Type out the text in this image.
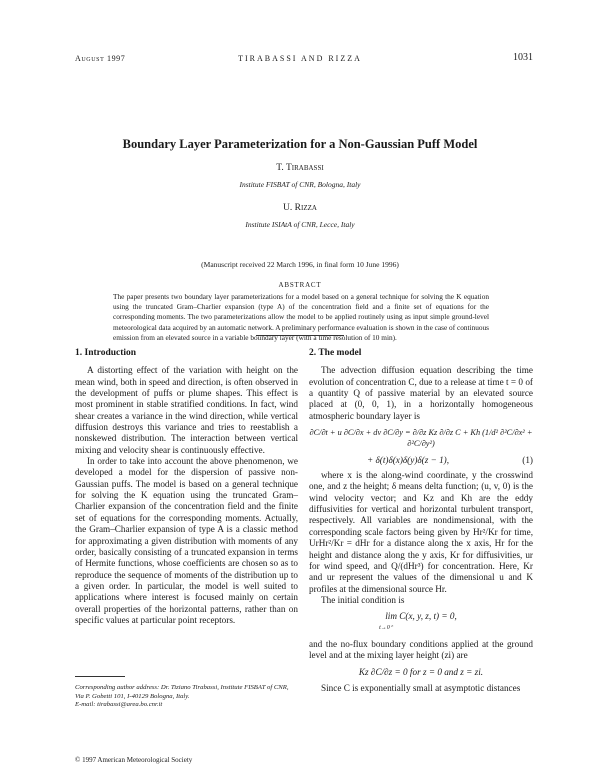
August 1997	TIRABASSI AND RIZZA	1031
Boundary Layer Parameterization for a Non-Gaussian Puff Model
T. Tirabassi
Institute FISBAT of CNR, Bologna, Italy
U. Rizza
Institute ISIAtA of CNR, Lecce, Italy
(Manuscript received 22 March 1996, in final form 10 June 1996)
ABSTRACT
The paper presents two boundary layer parameterizations for a model based on a general technique for solving the K equation using the truncated Gram–Charlier expansion (type A) of the concentration field and a finite set of equations for the corresponding moments. The two parameterizations allow the model to be applied routinely using as input simple ground-level meteorological data acquired by an automatic network. A preliminary performance evaluation is shown in the case of continuous emission from an elevated source in a variable boundary layer (with a time resolution of 10 min).
1. Introduction

A distorting effect of the variation with height on the mean wind, both in speed and direction, is often observed in the development of puffs or plume shapes. This effect is most prominent in stable stratified conditions. In fact, wind shear creates a variance in the wind direction, while vertical diffusion destroys this variance and tries to reestablish a nonskewed distribution. The interaction between vertical mixing and velocity shear is continuously effective.

In order to take into account the above phenomenon, we developed a model for the dispersion of passive non-Gaussian puffs. The model is based on a general technique for solving the K equation using the truncated Gram–Charlier expansion of the concentration field and the finite set of equations for the corresponding moments. Actually, the Gram–Charlier expansion of type A is a classic method for approximating a given distribution with moments of any order, basically consisting of a truncated expansion in terms of Hermite functions, whose coefficients are chosen so as to reproduce the sequence of moments of the distribution up to a given order. In particular, the model is well suited to applications where interest is focused mainly on certain overall properties of the horizontal patterns, rather than on specific values at particular point receptors.

2. The model

The advection diffusion equation describing the time evolution of concentration C, due to a release at time t = 0 of a quantity Q of passive material by an elevated source placed at (0, 0, 1), in a horizontally homogeneous atmospheric boundary layer is

∂C/∂t + u ∂C/∂x + dv ∂C/∂y = ∂/∂z Kz ∂/∂z C + Kh (1/d² ∂²C/∂x² + ∂²C/∂y²)
+ δ(t)δ(x)δ(y)δ(z − 1),	(1)

where x is the along-wind coordinate, y the crosswind one, and z the height; δ means delta function; (u, v, 0) is the wind velocity vector; and Kz and Kh are the eddy diffusivities for vertical and horizontal turbulent transport, respectively. All variables are nondimensional, with the corresponding scale factors being given by Hr²/Kr for time, UrHr²/Kr = dHr for a distance along the x axis, Hr for the height and distance along the y axis, Kr for diffusivities, ur for wind speed, and Q/(dHr³) for concentration. Here, Kr and ur represent the values of the dimensional u and K profiles at the dimensional source Hr.

The initial condition is

lim C(x, y, z, t) = 0,
t→0⁺

and the no-flux boundary conditions applied at the ground level and at the mixing layer height (zi) are

Kz ∂C/∂z = 0 for z = 0 and z = zi.

Since C is exponentially small at asymptotic distances

Corresponding author address: Dr. Tiziano Tirabassi, Institute FISBAT of CNR, Via P. Gobetti 101, I-40129 Bologna, Italy.
E-mail: tirabassi@area.bo.cnr.it
© 1997 American Meteorological Society
